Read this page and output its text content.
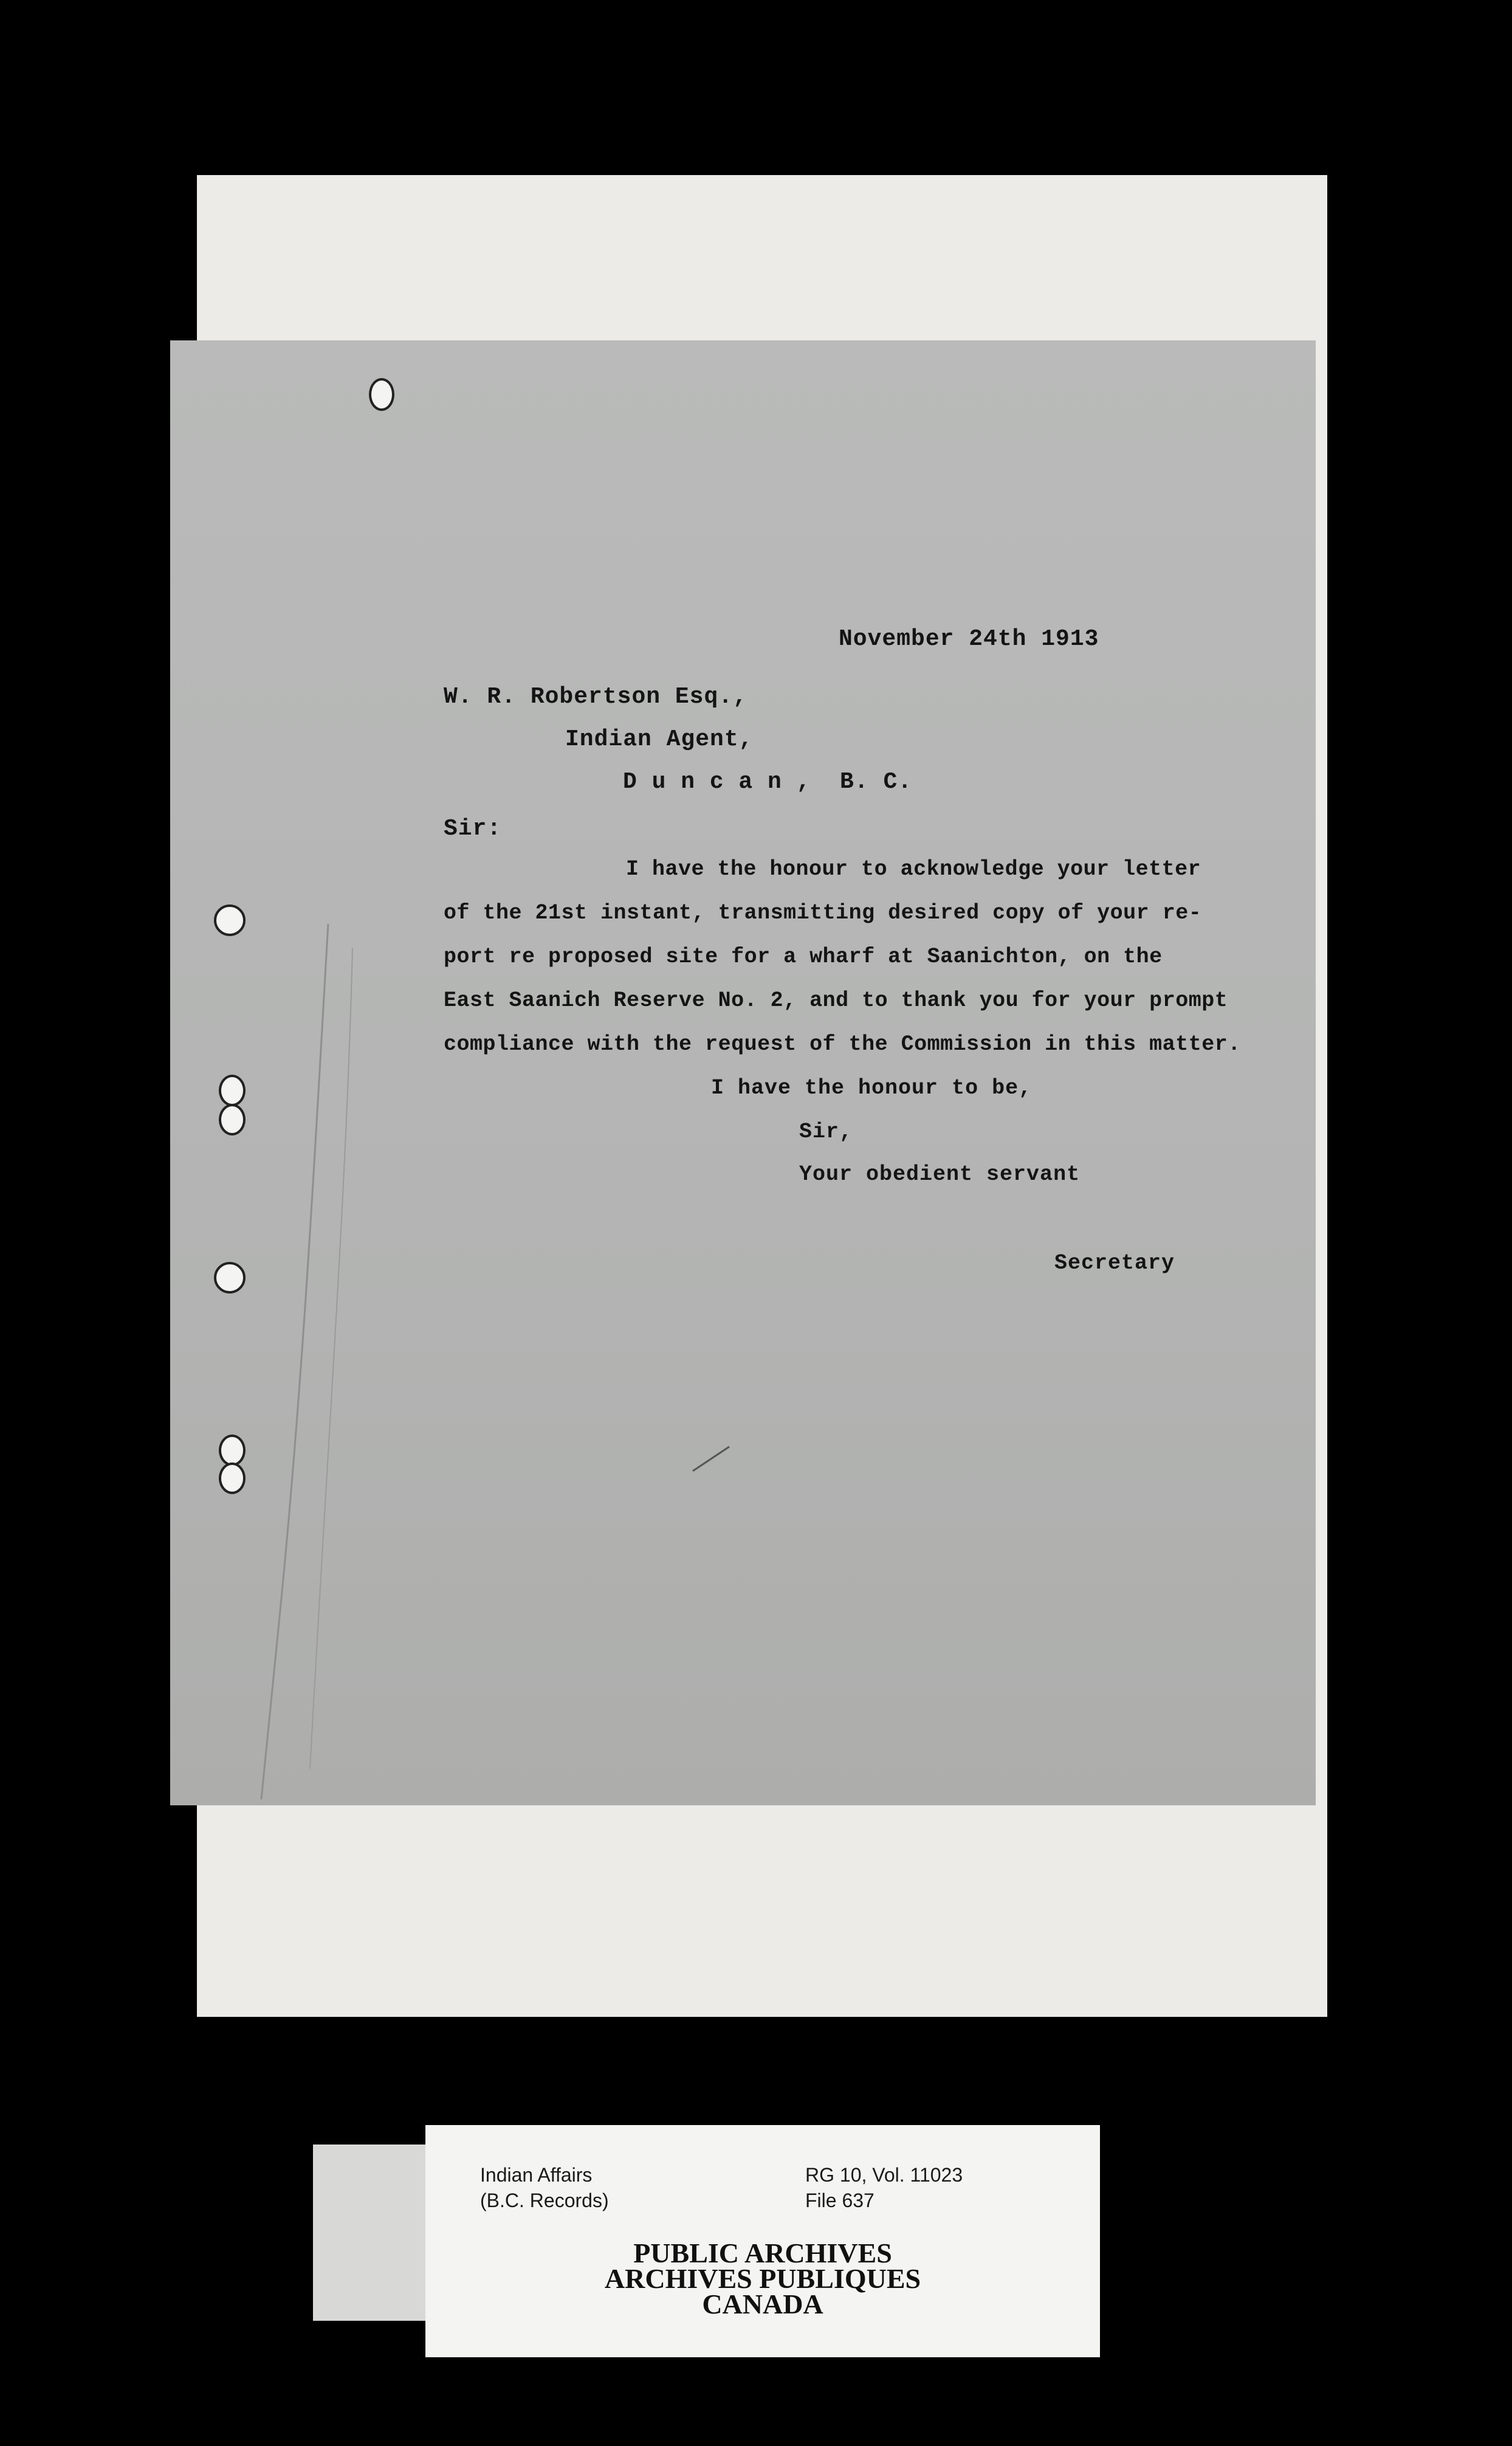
November 24th 1913
W. R. Robertson Esq.,
Indian Agent,
D u n c a n ,  B. C.
Sir:
I have the honour to acknowledge your letter
of the 21st instant, transmitting desired copy of your re-
port re proposed site for a wharf at Saanichton, on the
East Saanich Reserve No. 2, and to thank you for your prompt
compliance with the request of the Commission in this matter.
I have the honour to be,
Sir,
Your obedient servant
Secretary
Indian Affairs
(B.C. Records)
RG 10, Vol. 11023
File 637
PUBLIC ARCHIVES
ARCHIVES PUBLIQUES
CANADA
